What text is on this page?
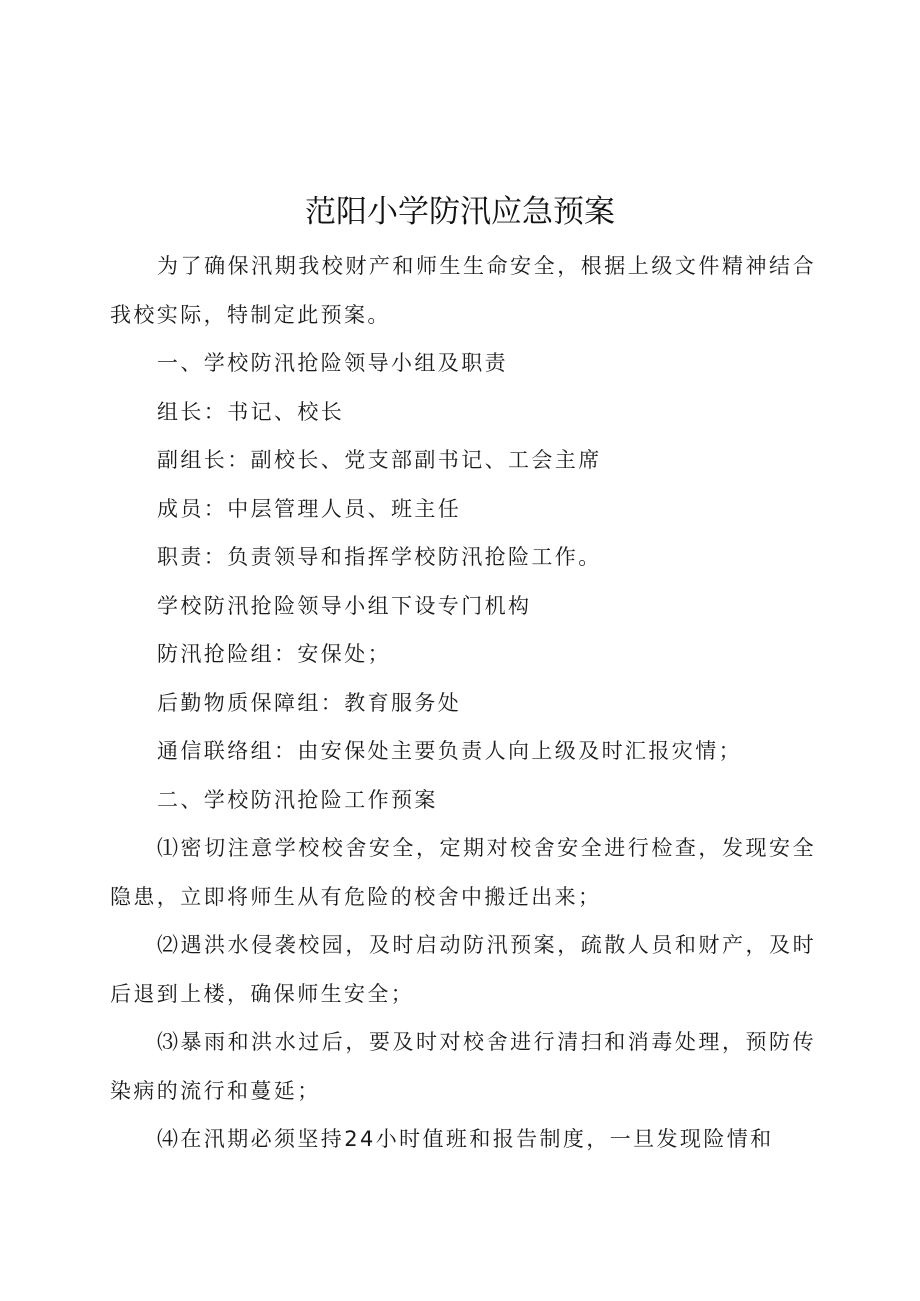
范阳小学防汛应急预案

为了确保汛期我校财产和师生生命安全，根据上级文件精神结合我校实际，特制定此预案。

一、学校防汛抢险领导小组及职责

组长：书记、校长

副组长：副校长、党支部副书记、工会主席

成员：中层管理人员、班主任

职责：负责领导和指挥学校防汛抢险工作。

学校防汛抢险领导小组下设专门机构

防汛抢险组：安保处；

后勤物质保障组：教育服务处

通信联络组：由安保处主要负责人向上级及时汇报灾情；

二、学校防汛抢险工作预案

⑴密切注意学校校舍安全，定期对校舍安全进行检查，发现安全隐患，立即将师生从有危险的校舍中搬迁出来；

⑵遇洪水侵袭校园，及时启动防汛预案，疏散人员和财产，及时后退到上楼，确保师生安全；

⑶暴雨和洪水过后，要及时对校舍进行清扫和消毒处理，预防传染病的流行和蔓延；

⑷在汛期必须坚持24小时值班和报告制度，一旦发现险情和
